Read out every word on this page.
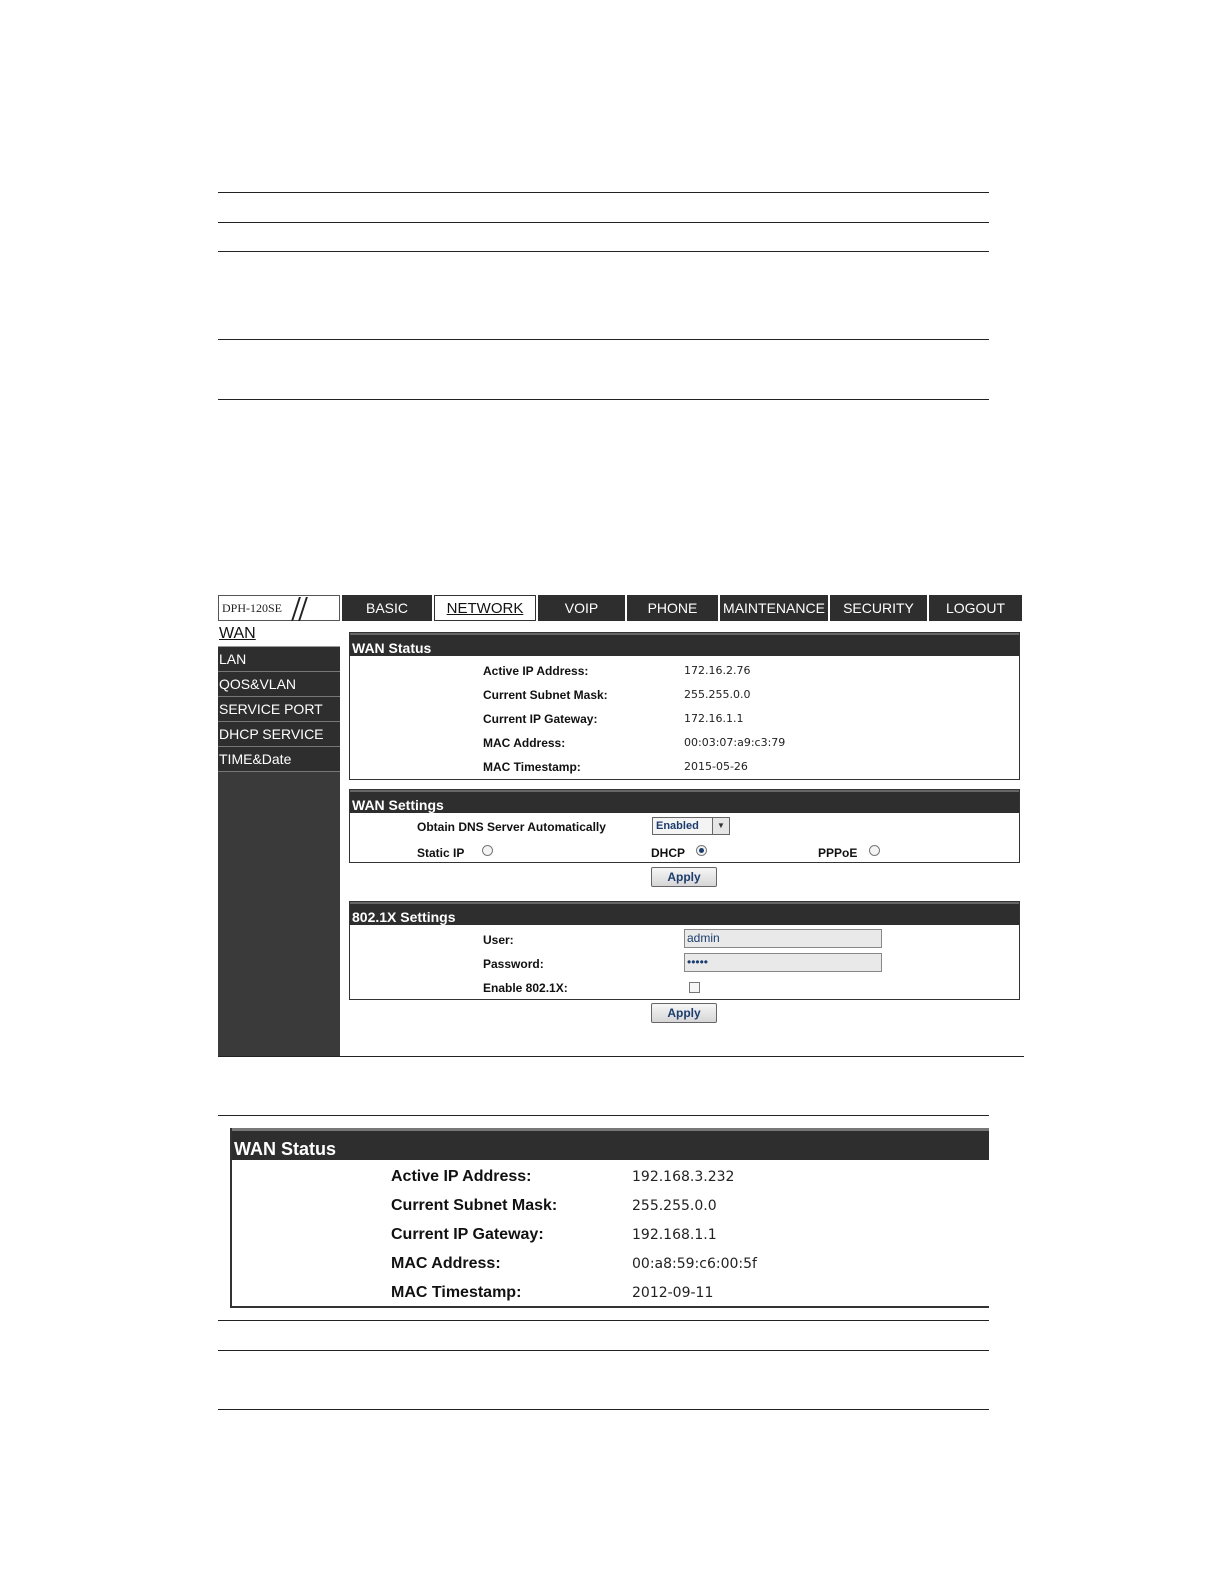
DPH-120SE	BASIC	NETWORK	VOIP	PHONE	MAINTENANCE	SECURITY	LOGOUT
WAN
LAN
QOS&VLAN
SERVICE PORT
DHCP SERVICE
TIME&Date
WAN Status
Active IP Address:	172.16.2.76
Current Subnet Mask:	255.255.0.0
Current IP Gateway:	172.16.1.1
MAC Address:	00:03:07:a9:c3:79
MAC Timestamp:	2015-05-26
WAN Settings
Obtain DNS Server Automatically	Enabled	▼
Static IP	DHCP	PPPoE
Apply
802.1X Settings
User:	admin
Password:	•••••
Enable 802.1X:
Apply
WAN Status
Active IP Address:	192.168.3.232
Current Subnet Mask:	255.255.0.0
Current IP Gateway:	192.168.1.1
MAC Address:	00:a8:59:c6:00:5f
MAC Timestamp:	2012-09-11
